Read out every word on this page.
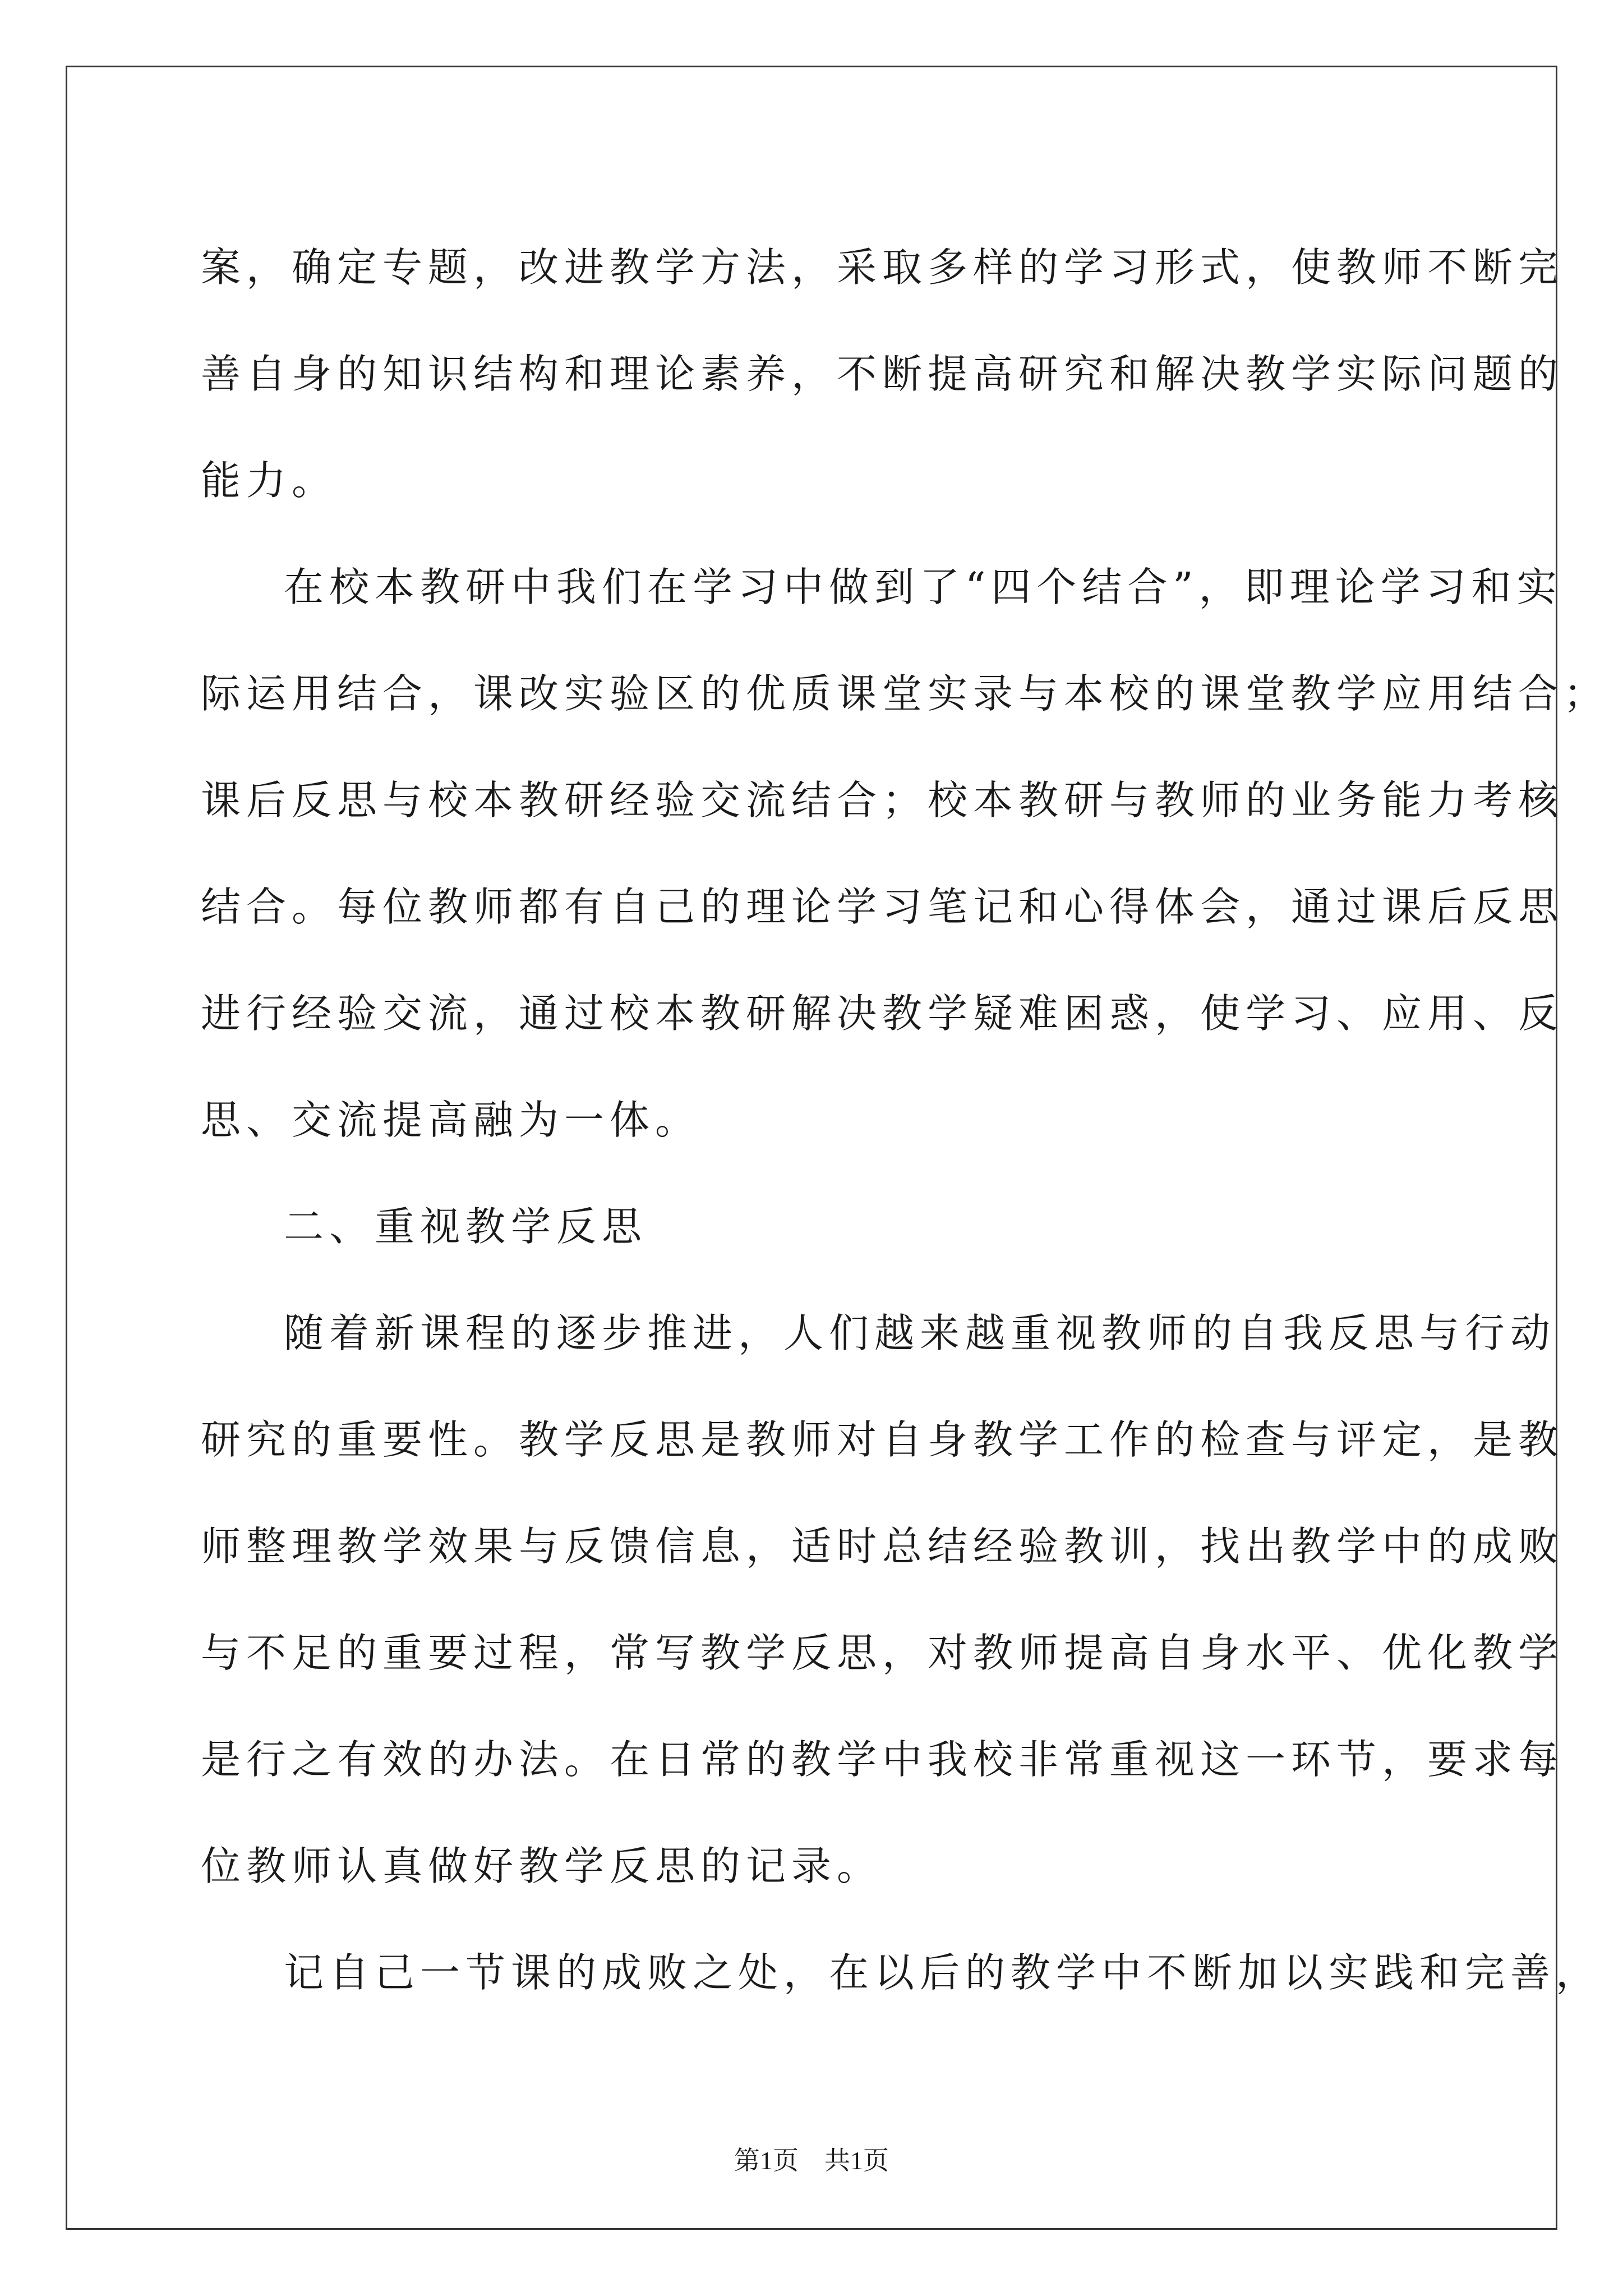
案，确定专题，改进教学方法，采取多样的学习形式，使教师不断完
善自身的知识结构和理论素养，不断提高研究和解决教学实际问题的
能力。
在校本教研中我们在学习中做到了“四个结合”，即理论学习和实
际运用结合，课改实验区的优质课堂实录与本校的课堂教学应用结合；
课后反思与校本教研经验交流结合；校本教研与教师的业务能力考核
结合。每位教师都有自己的理论学习笔记和心得体会，通过课后反思
进行经验交流，通过校本教研解决教学疑难困惑，使学习、应用、反
思、交流提高融为一体。
二、重视教学反思
随着新课程的逐步推进，人们越来越重视教师的自我反思与行动
研究的重要性。教学反思是教师对自身教学工作的检查与评定，是教
师整理教学效果与反馈信息，适时总结经验教训，找出教学中的成败
与不足的重要过程，常写教学反思，对教师提高自身水平、优化教学
是行之有效的办法。在日常的教学中我校非常重视这一环节，要求每
位教师认真做好教学反思的记录。
记自己一节课的成败之处，在以后的教学中不断加以实践和完善，
第1页　共1页
